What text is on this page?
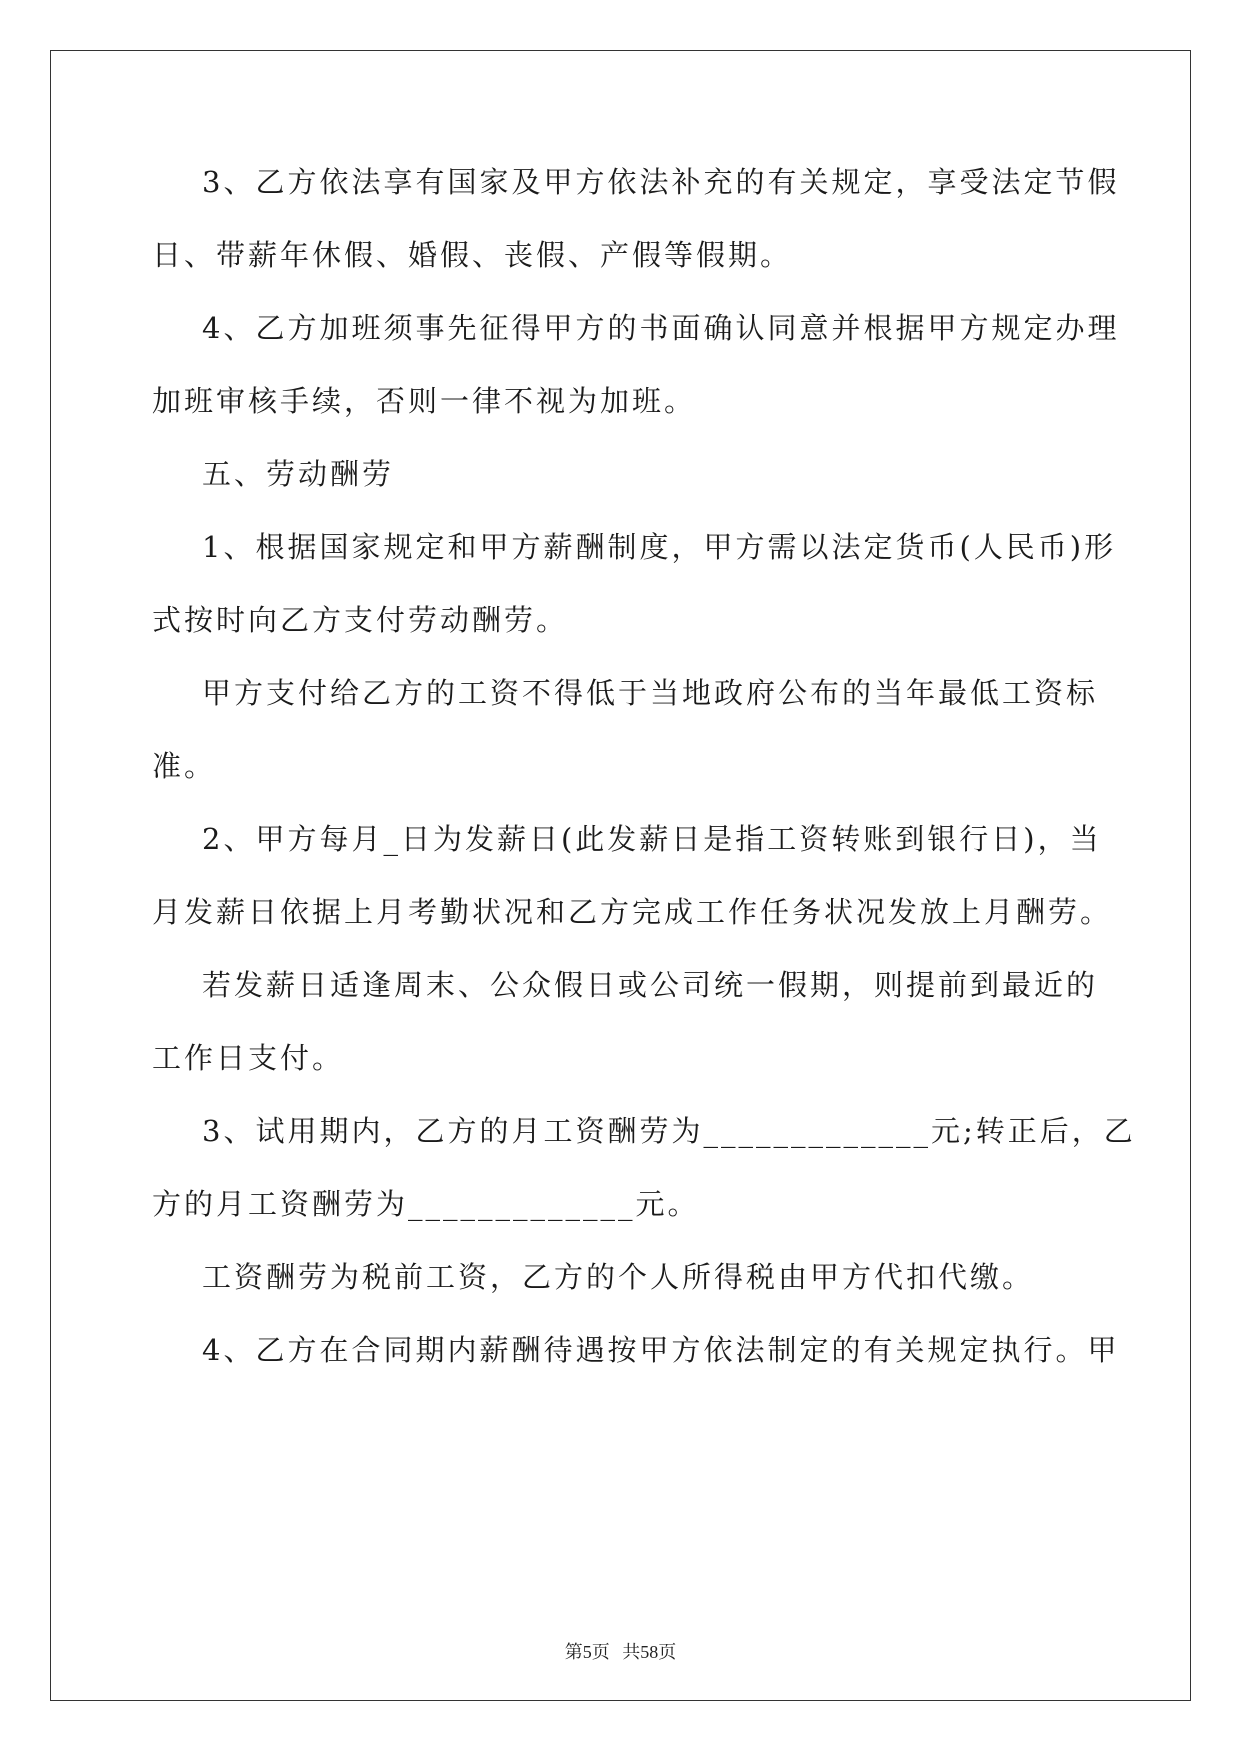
3、乙方依法享有国家及甲方依法补充的有关规定，享受法定节假
日、带薪年休假、婚假、丧假、产假等假期。
4、乙方加班须事先征得甲方的书面确认同意并根据甲方规定办理
加班审核手续，否则一律不视为加班。
五、劳动酬劳
1、根据国家规定和甲方薪酬制度，甲方需以法定货币(人民币)形
式按时向乙方支付劳动酬劳。
甲方支付给乙方的工资不得低于当地政府公布的当年最低工资标
准。
2、甲方每月_日为发薪日(此发薪日是指工资转账到银行日)，当
月发薪日依据上月考勤状况和乙方完成工作任务状况发放上月酬劳。
若发薪日适逢周末、公众假日或公司统一假期，则提前到最近的
工作日支付。
3、试用期内，乙方的月工资酬劳为_____________元;转正后，乙
方的月工资酬劳为_____________元。
工资酬劳为税前工资，乙方的个人所得税由甲方代扣代缴。
4、乙方在合同期内薪酬待遇按甲方依法制定的有关规定执行。甲
第5页 共58页
